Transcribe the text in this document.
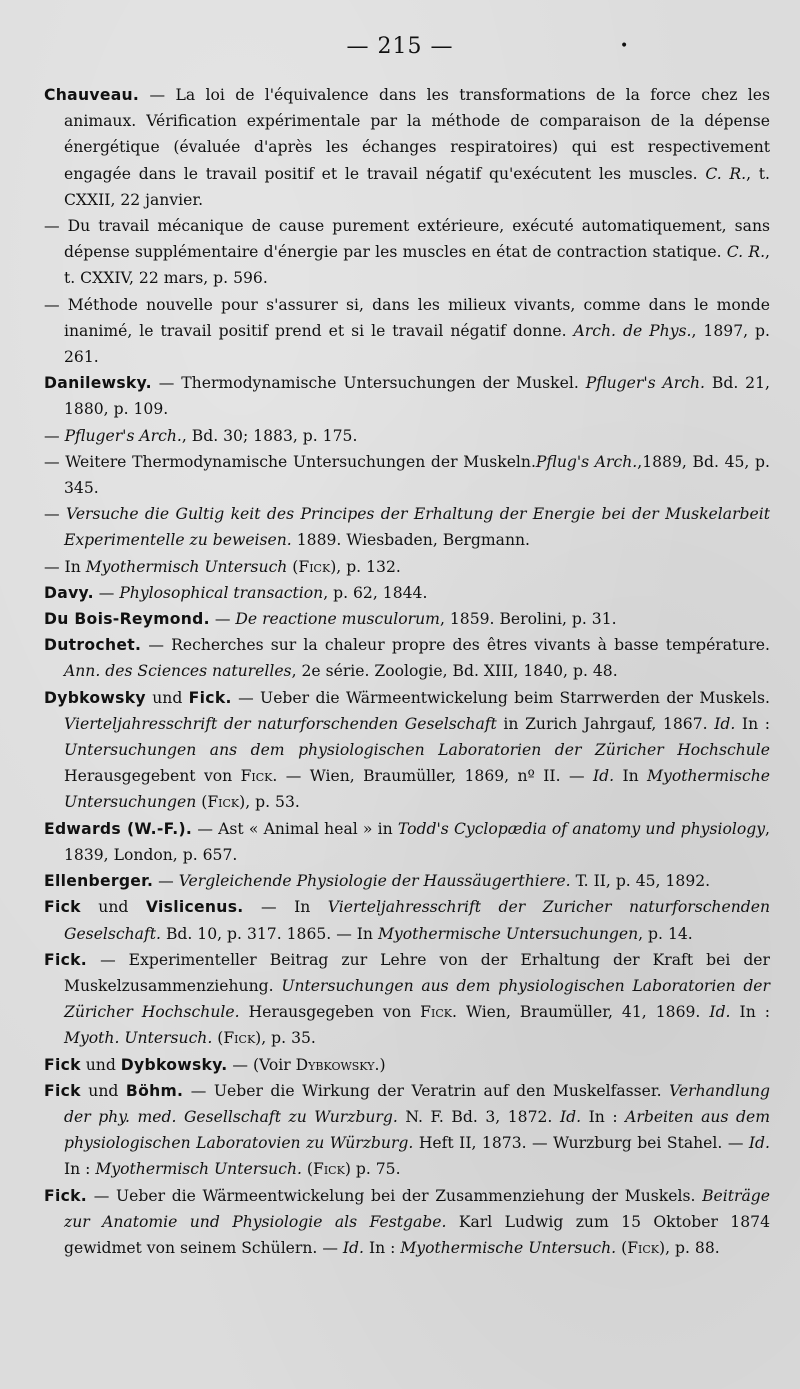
— 215 —	•

Chauveau. — La loi de l'équivalence dans les transformations de la force chez les animaux. Vérification expérimentale par la méthode de comparaison de la dépense énergétique (évaluée d'après les échanges respiratoires) qui est respectivement engagée dans le travail positif et le travail négatif qu'exécutent les muscles. C. R., t. CXXII, 22 janvier.

— Du travail mécanique de cause purement extérieure, exécuté automatiquement, sans dépense supplémentaire d'énergie par les muscles en état de contraction statique. C. R., t. CXXIV, 22 mars, p. 596.

— Méthode nouvelle pour s'assurer si, dans les milieux vivants, comme dans le monde inanimé, le travail positif prend et si le travail négatif donne. Arch. de Phys., 1897, p. 261.

Danilewsky. — Thermodynamische Untersuchungen der Muskel. Pfluger's Arch. Bd. 21, 1880, p. 109.

— Pfluger's Arch., Bd. 30; 1883, p. 175.

— Weitere Thermodynamische Untersuchungen der Muskeln.Pflug's Arch.,1889, Bd. 45, p. 345.

— Versuche die Gultig keit des Principes der Erhaltung der Energie bei der Muskelarbeit Experimentelle zu beweisen. 1889. Wiesbaden, Bergmann.

— In Myothermisch Untersuch (Fick), p. 132.

Davy. — Phylosophical transaction, p. 62, 1844.

Du Bois-Reymond. — De reactione musculorum, 1859. Berolini, p. 31.

Dutrochet. — Recherches sur la chaleur propre des êtres vivants à basse température. Ann. des Sciences naturelles, 2e série. Zoologie, Bd. XIII, 1840, p. 48.

Dybkowsky und Fick. — Ueber die Wärmeentwickelung beim Starrwerden der Muskels. Vierteljahresschrift der naturforschenden Geselschaft in Zurich Jahrgauf, 1867. Id. In : Untersuchungen ans dem physiologischen Laboratorien der Züricher Hochschule Herausgegebent von Fick. — Wien, Braumüller, 1869, nº II. — Id. In Myothermische Untersuchungen (Fick), p. 53.

Edwards (W.-F.). — Ast « Animal heal » in Todd's Cyclopædia of anatomy und physiology, 1839, London, p. 657.

Ellenberger. — Vergleichende Physiologie der Haussäugerthiere. T. II, p. 45, 1892.

Fick und Vislicenus. — In Vierteljahresschrift der Zuricher naturforschenden Geselschaft. Bd. 10, p. 317. 1865. — In Myothermische Untersuchungen, p. 14.

Fick. — Experimenteller Beitrag zur Lehre von der Erhaltung der Kraft bei der Muskelzusammenziehung. Untersuchungen aus dem physiologischen Laboratorien der Züricher Hochschule. Herausgegeben von Fick. Wien, Braumüller, 41, 1869. Id. In : Myoth. Untersuch. (Fick), p. 35.

Fick und Dybkowsky. — (Voir Dybkowsky.)

Fick und Böhm. — Ueber die Wirkung der Veratrin auf den Muskelfasser. Verhandlung der phy. med. Gesellschaft zu Wurzburg. N. F. Bd. 3, 1872. Id. In : Arbeiten aus dem physiologischen Laboratovien zu Würzburg. Heft II, 1873. — Wurzburg bei Stahel. — Id. In : Myothermisch Untersuch. (Fick) p. 75.

Fick. — Ueber die Wärmeentwickelung bei der Zusammenziehung der Muskels. Beiträge zur Anatomie und Physiologie als Festgabe. Karl Ludwig zum 15 Oktober 1874 gewidmet von seinem Schülern. — Id. In : Myothermische Untersuch. (Fick), p. 88.
